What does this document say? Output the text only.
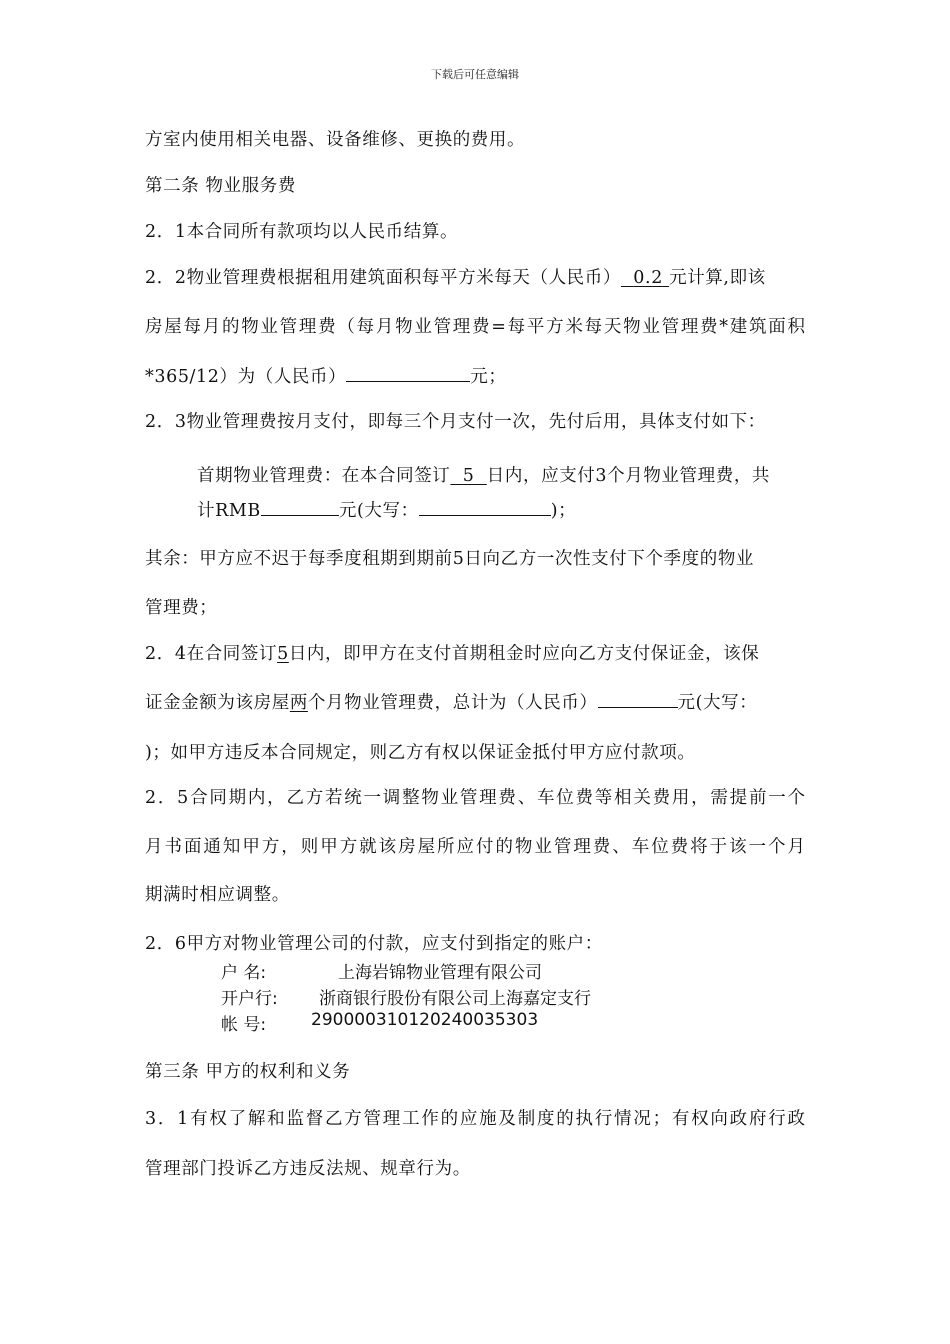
下载后可任意编辑
方室内使用相关电器、设备维修、更换的费用。
第二条 物业服务费
2．1本合同所有款项均以人民币结算。
2．2物业管理费根据租用建筑面积每平方米每天（人民币） 0.2 元计算,即该
房屋每月的物业管理费（每月物业管理费=每平方米每天物业管理费*建筑面积
*365/12）为（人民币）	元；
2．3物业管理费按月支付，即每三个月支付一次，先付后用，具体支付如下：
首期物业管理费：在本合同签订 5 日内，应支付3个月物业管理费，共
计RMB	元(大写：	)；
其余：甲方应不迟于每季度租期到期前5日向乙方一次性支付下个季度的物业
管理费；
2．4在合同签订5日内，即甲方在支付首期租金时应向乙方支付保证金，该保
证金金额为该房屋两个月物业管理费，总计为（人民币）	元(大写：
)；如甲方违反本合同规定，则乙方有权以保证金抵付甲方应付款项。
2．5合同期内，乙方若统一调整物业管理费、车位费等相关费用，需提前一个
月书面通知甲方，则甲方就该房屋所应付的物业管理费、车位费将于该一个月
期满时相应调整。
2．6甲方对物业管理公司的付款，应支付到指定的账户：
户 名:	上海岩锦物业管理有限公司
开户行: 浙商银行股份有限公司上海嘉定支行
帐 号:	290000310120240035303
第三条 甲方的权利和义务
3．1有权了解和监督乙方管理工作的应施及制度的执行情况；有权向政府行政
管理部门投诉乙方违反法规、规章行为。
